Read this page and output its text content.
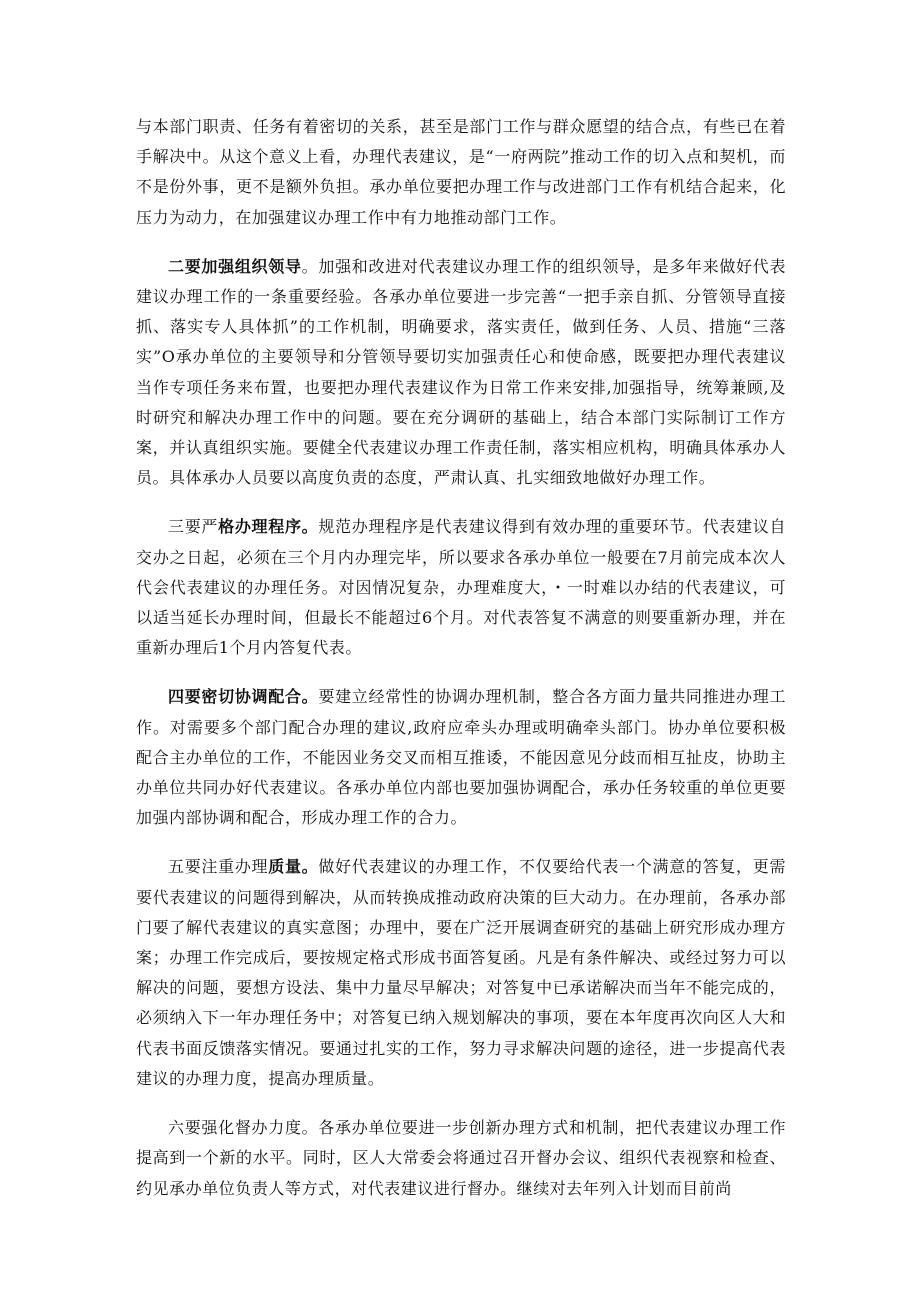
与本部门职责、任务有着密切的关系，甚至是部门工作与群众愿望的结合点，有些已在着手解决中。从这个意义上看，办理代表建议，是“一府两院”推动工作的切入点和契机，而不是份外事，更不是额外负担。承办单位要把办理工作与改进部门工作有机结合起来，化压力为动力，在加强建议办理工作中有力地推动部门工作。

二要加强组织领导。加强和改进对代表建议办理工作的组织领导，是多年来做好代表建议办理工作的一条重要经验。各承办单位要进一步完善“一把手亲自抓、分管领导直接抓、落实专人具体抓”的工作机制，明确要求，落实责任，做到任务、人员、措施“三落实”O承办单位的主要领导和分管领导要切实加强责任心和使命感，既要把办理代表建议当作专项任务来布置，也要把办理代表建议作为日常工作来安排,加强指导，统筹兼顾,及时研究和解决办理工作中的问题。要在充分调研的基础上，结合本部门实际制订工作方案，并认真组织实施。要健全代表建议办理工作责任制，落实相应机构，明确具体承办人员。具体承办人员要以高度负责的态度，严肃认真、扎实细致地做好办理工作。

三要严格办理程序。规范办理程序是代表建议得到有效办理的重要环节。代表建议自交办之日起，必须在三个月内办理完毕，所以要求各承办单位一般要在7月前完成本次人代会代表建议的办理任务。对因情况复杂，办理难度大，・一时难以办结的代表建议，可以适当延长办理时间，但最长不能超过6个月。对代表答复不满意的则要重新办理，并在重新办理后1个月内答复代表。

四要密切协调配合。要建立经常性的协调办理机制，整合各方面力量共同推进办理工作。对需要多个部门配合办理的建议,政府应牵头办理或明确牵头部门。协办单位要积极配合主办单位的工作，不能因业务交叉而相互推诿，不能因意见分歧而相互扯皮，协助主办单位共同办好代表建议。各承办单位内部也要加强协调配合，承办任务较重的单位更要加强内部协调和配合，形成办理工作的合力。

五要注重办理质量。做好代表建议的办理工作，不仅要给代表一个满意的答复，更需要代表建议的问题得到解决，从而转换成推动政府决策的巨大动力。在办理前，各承办部门要了解代表建议的真实意图；办理中，要在广泛开展调查研究的基础上研究形成办理方案；办理工作完成后，要按规定格式形成书面答复函。凡是有条件解决、或经过努力可以解决的问题，要想方设法、集中力量尽早解决；对答复中已承诺解决而当年不能完成的，必须纳入下一年办理任务中；对答复已纳入规划解决的事项，要在本年度再次向区人大和代表书面反馈落实情况。要通过扎实的工作，努力寻求解决问题的途径，进一步提高代表建议的办理力度，提高办理质量。

六要强化督办力度。各承办单位要进一步创新办理方式和机制，把代表建议办理工作提高到一个新的水平。同时，区人大常委会将通过召开督办会议、组织代表视察和检查、约见承办单位负责人等方式，对代表建议进行督办。继续对去年列入计划而目前尚
